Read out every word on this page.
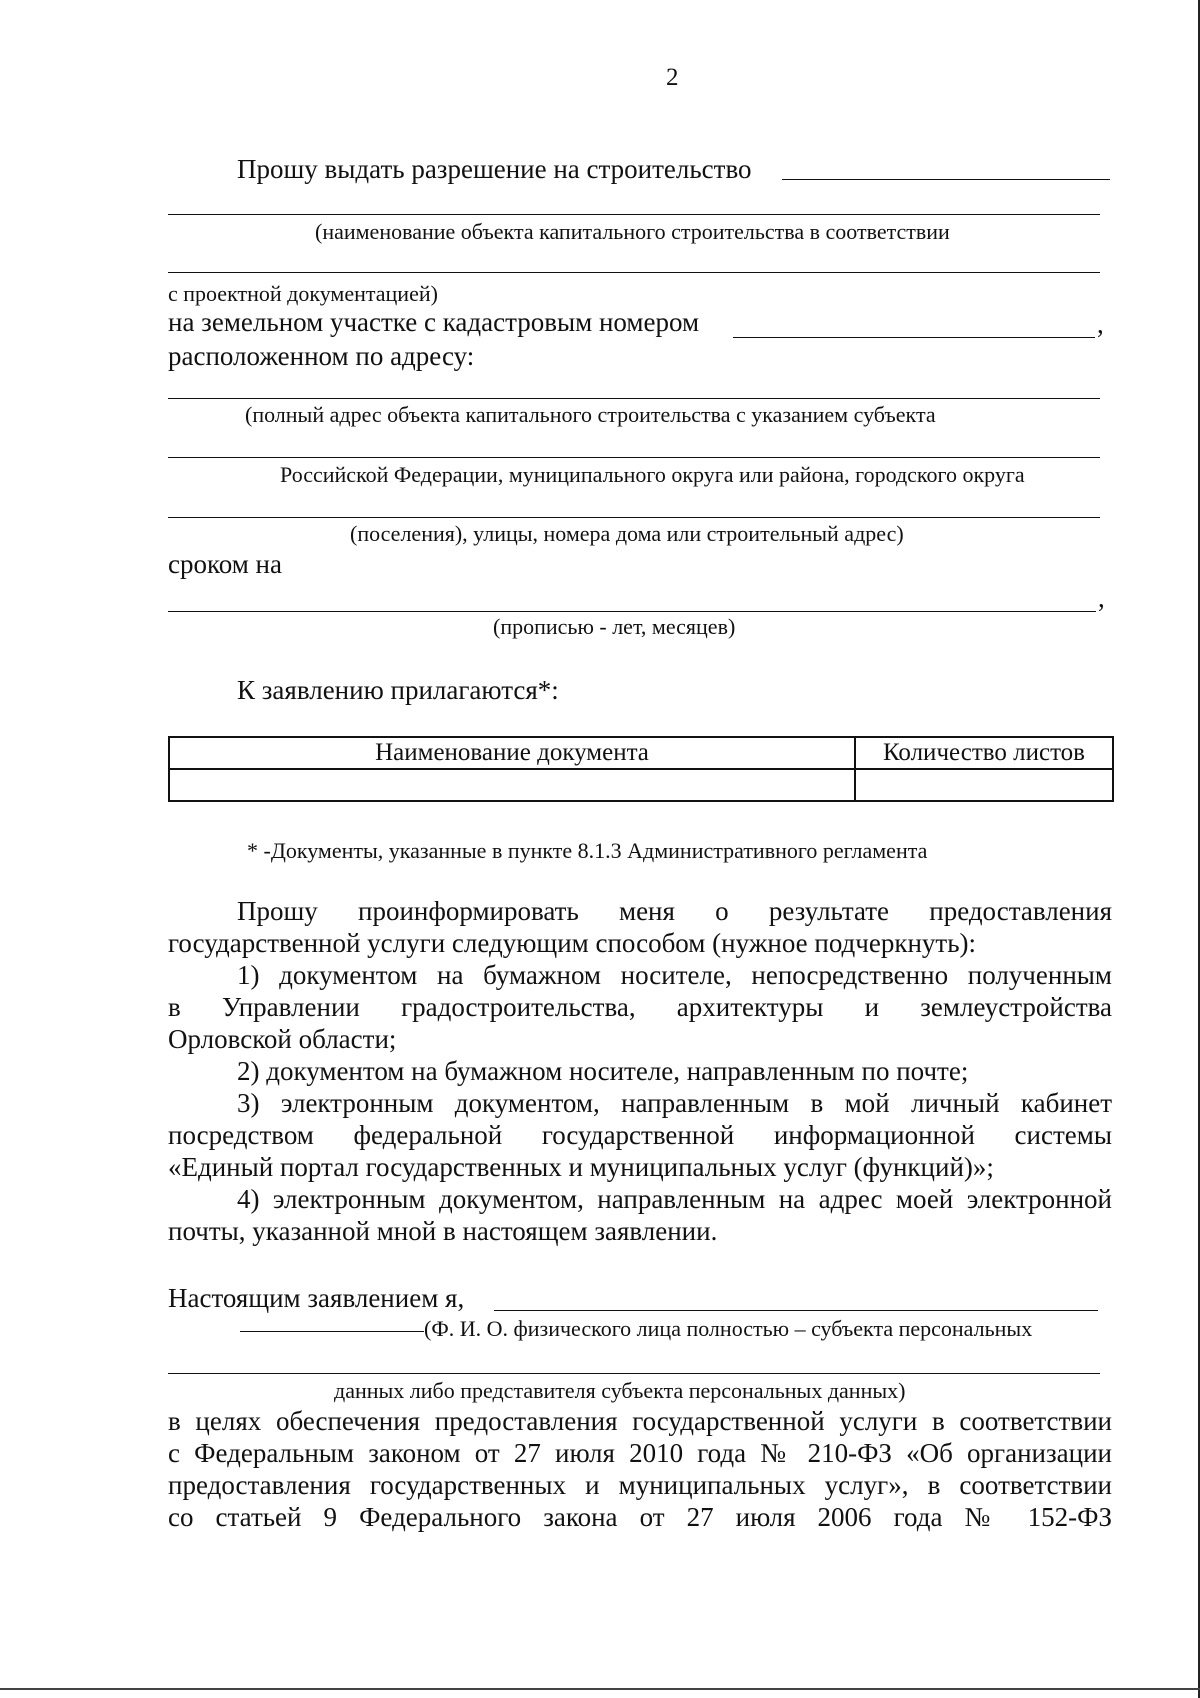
2
Прошу выдать разрешение на строительство
(наименование объекта капитального строительства в соответствии
с проектной документацией)
на земельном участке с кадастровым номером	,
расположенном по адресу:
(полный адрес объекта капитального строительства с указанием субъекта
Российской Федерации, муниципального округа или района, городского округа
(поселения), улицы, номера дома или строительный адрес)
сроком на
,
(прописью - лет, месяцев)
К заявлению прилагаются*:
Наименование документа	Количество листов

* -Документы, указанные в пункте 8.1.3 Административного регламента
Прошу проинформировать меня о результате предоставления
государственной услуги следующим способом (нужное подчеркнуть):
1) документом на бумажном носителе, непосредственно полученным
в Управлении градостроительства, архитектуры и землеустройства
Орловской области;
2) документом на бумажном носителе, направленным по почте;
3) электронным документом, направленным в мой личный кабинет
посредством федеральной государственной информационной системы
«Единый портал государственных и муниципальных услуг (функций)»;
4) электронным документом, направленным на адрес моей электронной
почты, указанной мной в настоящем заявлении.
Настоящим заявлением я,
(Ф. И. О. физического лица полностью – субъекта персональных
данных либо представителя субъекта персональных данных)
в целях обеспечения предоставления государственной услуги в соответствии
с Федеральным законом от 27 июля 2010 года № 210-ФЗ «Об организации
предоставления государственных и муниципальных услуг», в соответствии
со статьей 9 Федерального закона от 27 июля 2006 года № 152-ФЗ
